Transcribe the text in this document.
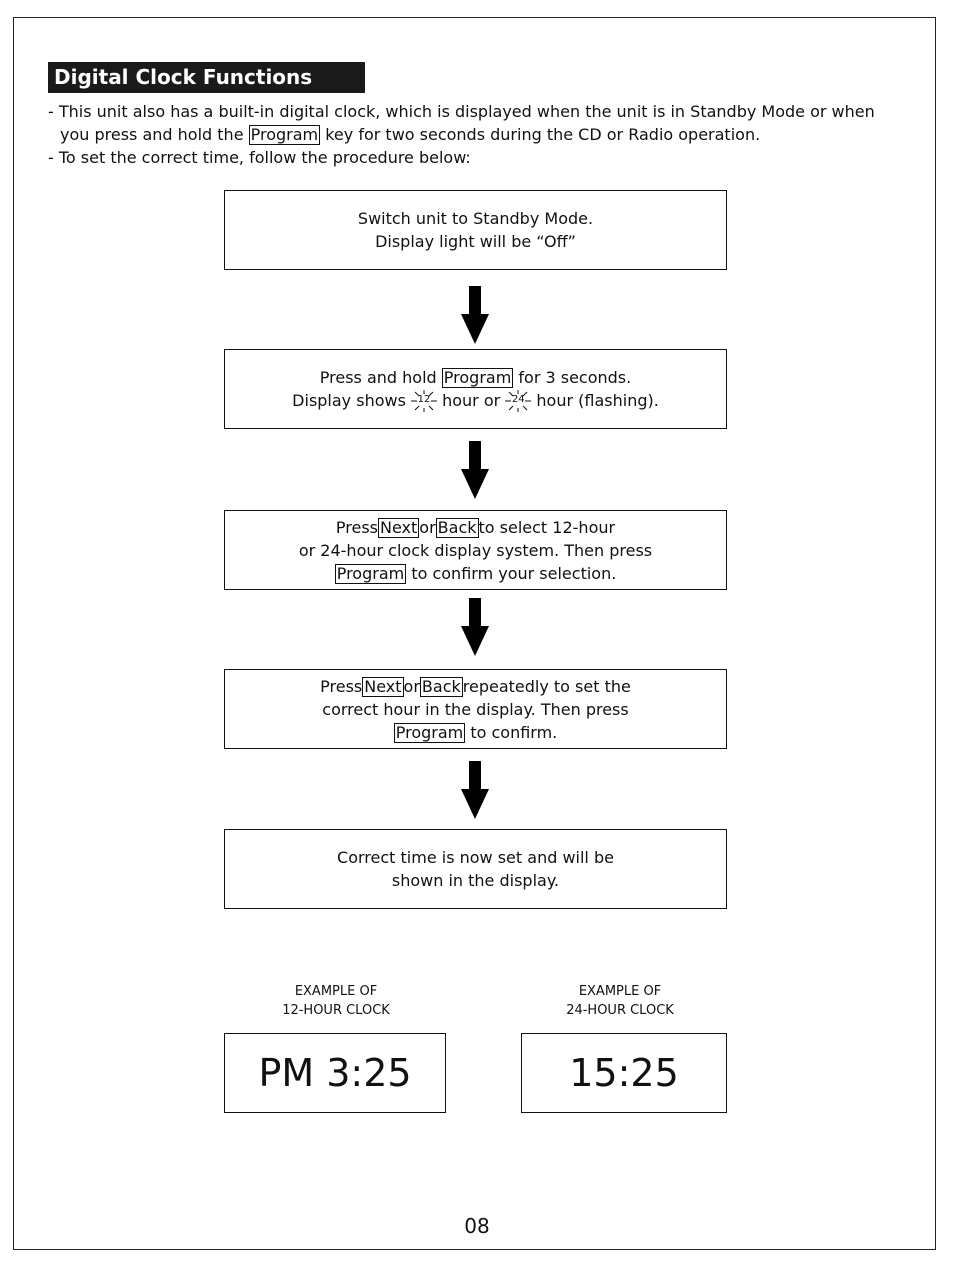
Digital Clock Functions

- This unit also has a built-in digital clock, which is displayed when the unit is in Standby Mode or when

you press and hold the Program key for two seconds during the CD or Radio operation.

- To set the correct time, follow the procedure below:

Switch unit to Standby Mode.
Display light will be “Off”
Press and hold Program for 3 seconds.
Display shows	12 hour or	24 hour (flashing).
Press Next or Back to select 12-hour
or 24-hour clock display system. Then press
Program to confirm your selection.
Press Next or Back repeatedly to set the
correct hour in the display. Then press
Program to confirm.
Correct time is now set and will be
shown in the display.
EXAMPLE OF
12-HOUR CLOCK
PM 3:25
EXAMPLE OF
24-HOUR CLOCK
15:25
08
